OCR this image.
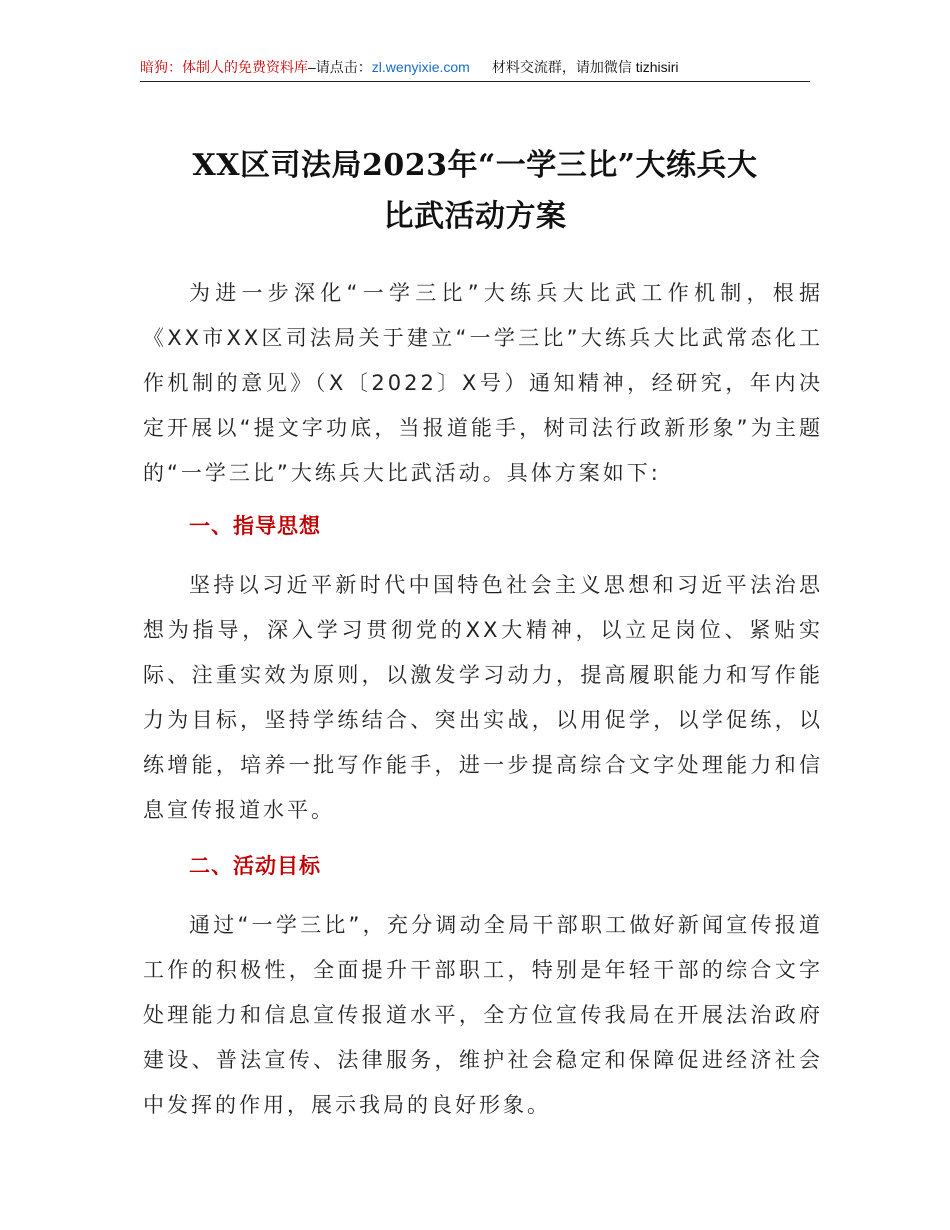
暗狗：体制人的免费资料库–请点击：zl.wenyixie.com 材料交流群，请加微信 tizhisiri
XX区司法局2023年“一学三比”大练兵大
比武活动方案
为进一步深化“一学三比”大练兵大比武工作机制，根据《XX市XX区司法局关于建立“一学三比”大练兵大比武常态化工作机制的意见》（X〔2022〕X号）通知精神，经研究，年内决定开展以“提文字功底，当报道能手，树司法行政新形象”为主题的“一学三比”大练兵大比武活动。具体方案如下:
一、指导思想
坚持以习近平新时代中国特色社会主义思想和习近平法治思想为指导，深入学习贯彻党的XX大精神，以立足岗位、紧贴实际、注重实效为原则，以激发学习动力，提高履职能力和写作能力为目标，坚持学练结合、突出实战，以用促学，以学促练，以练增能，培养一批写作能手，进一步提高综合文字处理能力和信息宣传报道水平。
二、活动目标
通过“一学三比”，充分调动全局干部职工做好新闻宣传报道工作的积极性，全面提升干部职工，特别是年轻干部的综合文字处理能力和信息宣传报道水平，全方位宣传我局在开展法治政府建设、普法宣传、法律服务，维护社会稳定和保障促进经济社会中发挥的作用，展示我局的良好形象。
